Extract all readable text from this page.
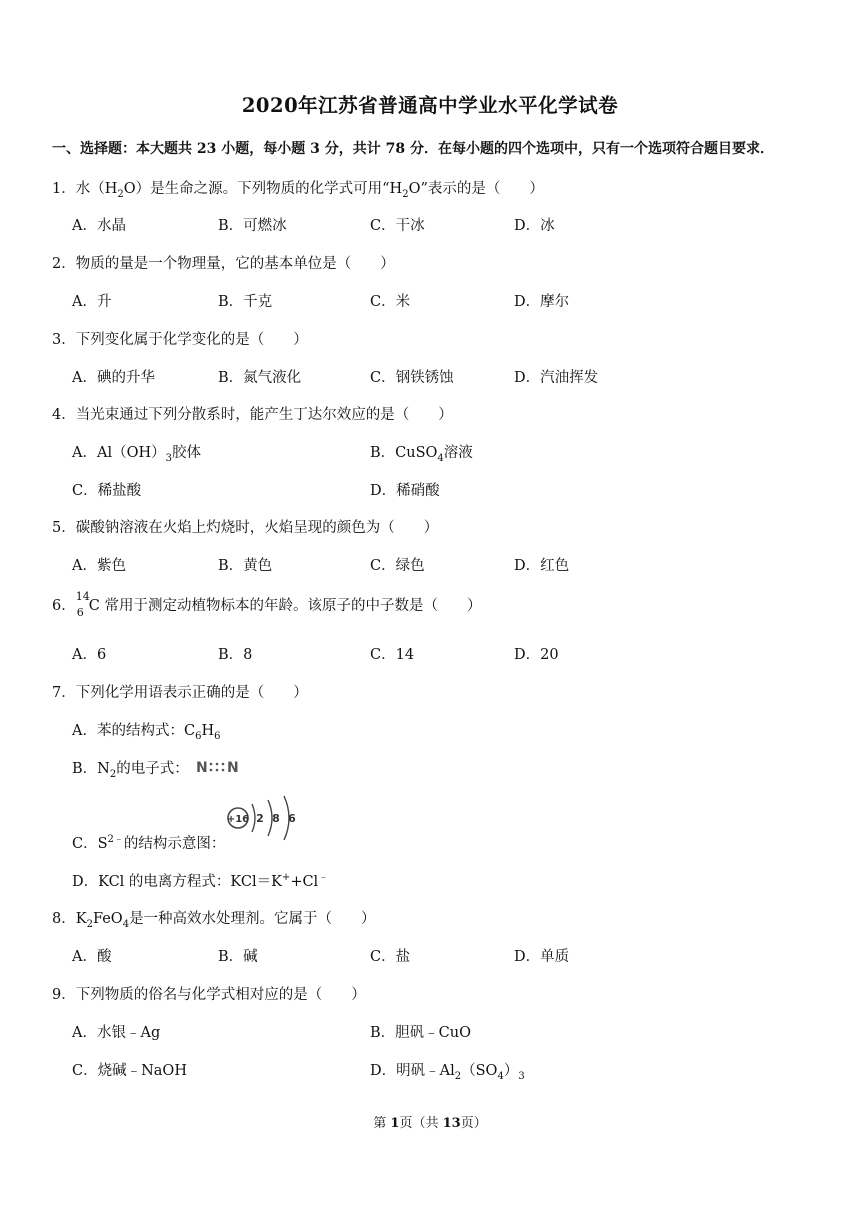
2020年江苏省普通高中学业水平化学试卷
一、选择题：本大题共 23 小题，每小题 3 分，共计 78 分．在每小题的四个选项中，只有一个选项符合题目要求．
1．水$(H_2O)$是生命之源。下列物质的化学式可用“$H_2O$”表示的是（　　）
A．水晶	B．可燃冰	C．干冰	D．冰
2．物质的量是一个物理量，它的基本单位是（　　）
A．升	B．千克	C．米	D．摩尔
3．下列变化属于化学变化的是（　　）
A．碘的升华	B．氮气液化	C．钢铁锈蚀	D．汽油挥发
4．当光束通过下列分散系时，能产生丁达尔效应的是（　　）
A．$Al(OH)_3$胶体	B．CuSO$_4$溶液
C．稀盐酸	D．稀硝酸
5．碳酸钠溶液在火焰上灼烧时，火焰呈现的颜色为（　　）
A．紫色	B．黄色	C．绿色	D．红色
6．
14
6 C 常用于测定动植物标本的年龄。该原子的中子数是（　　）
A．6	B．8	C．14	D．20
7．下列化学用语表示正确的是（　　）
A．苯的结构式：$C_6H_6$
B．$N_2$的电子式： N N
N:::N
+16 2 8 6
C．$S^{2﹣}$的结构示意图：
D．KCl 的电离方程式：KCl＝K++Cl﹣
8．$K_2FeO_4$是一种高效水处理剂。它属于（　　）
A．酸	B．碱	C．盐	D．单质
9．下列物质的俗名与化学式相对应的是（　　）
A．水银﹣Ag	B．胆矾﹣CuO
C．烧碱﹣NaOH	D．明矾$﹣Al_2(SO_4)_3$
第 1页（共 13页）
